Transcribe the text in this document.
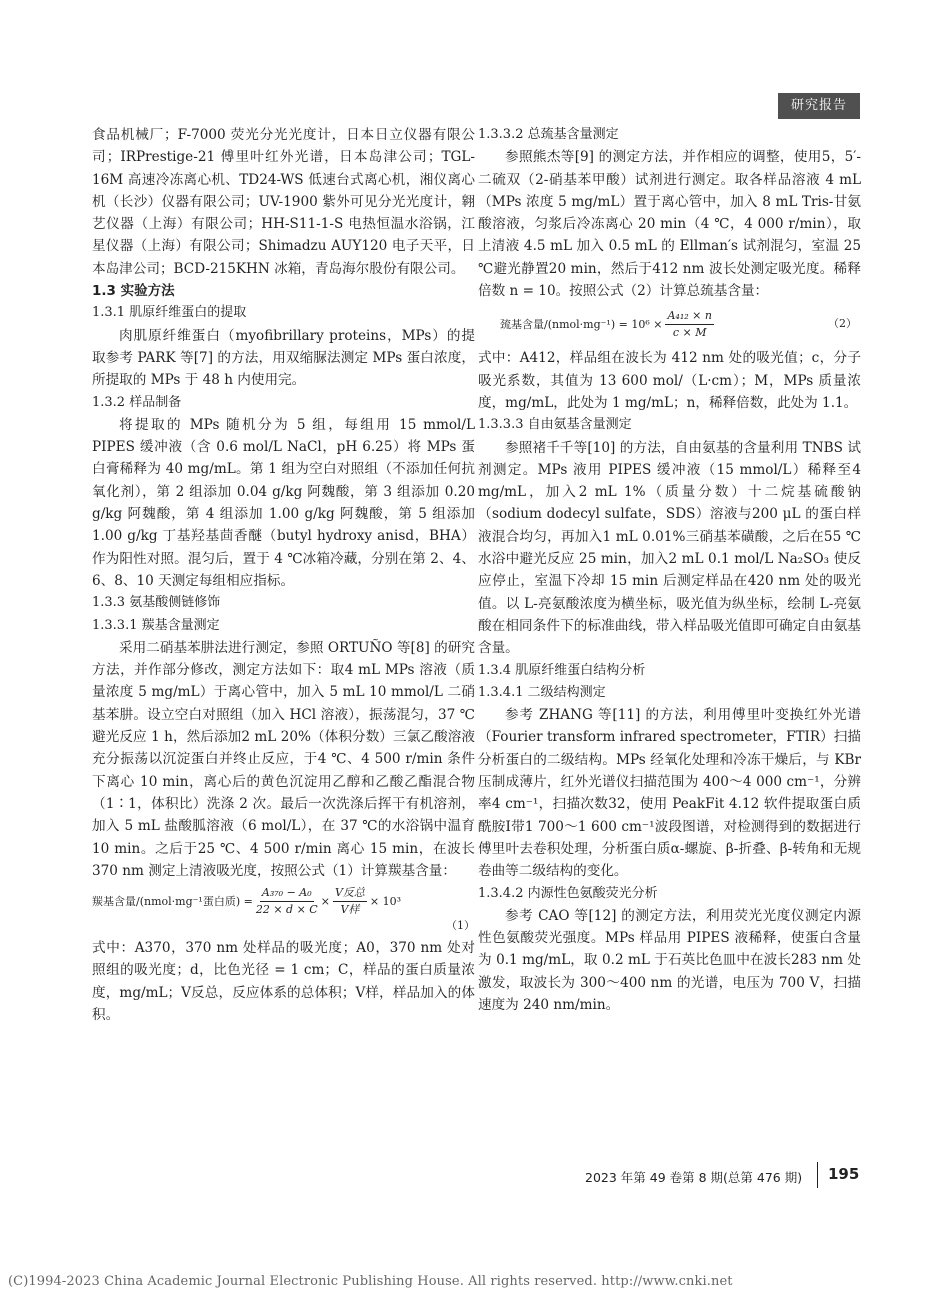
研究报告

食品机械厂；F-7000 荧光分光光度计，日本日立仪器有限公司；IRPrestige-21 傅里叶红外光谱，日本岛津公司；TGL-16M 高速冷冻离心机、TD24-WS 低速台式离心机，湘仪离心机（长沙）仪器有限公司；UV-1900 紫外可见分光光度计，翱艺仪器（上海）有限公司；HH-S11-1-S 电热恒温水浴锅，江星仪器（上海）有限公司；Shimadzu AUY120 电子天平，日本岛津公司；BCD-215KHN 冰箱，青岛海尔股份有限公司。

1.3 实验方法

1.3.1 肌原纤维蛋白的提取

肉肌原纤维蛋白（myofibrillary proteins，MPs）的提取参考 PARK 等[7] 的方法，用双缩脲法测定 MPs 蛋白浓度，所提取的 MPs 于 48 h 内使用完。

1.3.2 样品制备

将提取的 MPs 随机分为 5 组，每组用 15 mmol/L PIPES 缓冲液（含 0.6 mol/L NaCl，pH 6.25）将 MPs 蛋白膏稀释为 40 mg/mL。第 1 组为空白对照组（不添加任何抗氧化剂），第 2 组添加 0.04 g/kg 阿魏酸，第 3 组添加 0.20 g/kg 阿魏酸，第 4 组添加 1.00 g/kg 阿魏酸，第 5 组添加 1.00 g/kg 丁基羟基茴香醚（butyl hydroxy anisd，BHA）作为阳性对照。混匀后，置于 4 ℃冰箱冷藏，分别在第 2、4、6、8、10 天测定每组相应指标。

1.3.3 氨基酸侧链修饰

1.3.3.1 羰基含量测定

采用二硝基苯肼法进行测定，参照 ORTUÑO 等[8] 的研究方法，并作部分修改，测定方法如下：取4 mL MPs 溶液（质量浓度 5 mg/mL）于离心管中，加入 5 mL 10 mmol/L 二硝基苯肼。设立空白对照组（加入 HCl 溶液），振荡混匀，37 ℃避光反应 1 h，然后添加2 mL 20%（体积分数）三氯乙酸溶液充分振荡以沉淀蛋白并终止反应，于4 ℃、4 500 r/min 条件下离心 10 min，离心后的黄色沉淀用乙醇和乙酸乙酯混合物（1∶1，体积比）洗涤 2 次。最后一次洗涤后挥干有机溶剂，加入 5 mL 盐酸胍溶液（6 mol/L），在 37 ℃的水浴锅中温育 10 min。之后于25 ℃、4 500 r/min 离心 15 min，在波长 370 nm 测定上清液吸光度，按照公式（1）计算羰基含量：

羰基含量/(nmol·mg⁻¹蛋白质) = $\frac{\text{A₃₇₀ − A₀}}{22 \times d \times C} \times \frac{\text{V反总}}{\text{V样}} \times 10^3$
（1）

式中：A370，370 nm 处样品的吸光度；A0，370 nm 处对照组的吸光度；d，比色光径 = 1 cm；C，样品的蛋白质量浓度，mg/mL；V反总，反应体系的总体积；V样，样品加入的体积。

1.3.3.2 总巯基含量测定

参照熊杰等[9] 的测定方法，并作相应的调整，使用5，5′-二硫双（2-硝基苯甲酸）试剂进行测定。取各样品溶液 4 mL（MPs 浓度 5 mg/mL）置于离心管中，加入 8 mL Tris-甘氨酸溶液，匀浆后冷冻离心 20 min（4 ℃，4 000 r/min），取上清液 4.5 mL 加入 0.5 mL 的 Ellman′s 试剂混匀，室温 25 ℃避光静置20 min，然后于412 nm 波长处测定吸光度。稀释倍数 n = 10。按照公式（2）计算总巯基含量：

巯基含量/(nmol·mg⁻¹) = $10^6 \times \frac{\text{A₄₁₂ × n}}{c \times M}$	（2）

式中：A412，样品组在波长为 412 nm 处的吸光值；c，分子吸光系数，其值为 13 600 mol/（L·cm）；M，MPs 质量浓度，mg/mL，此处为 1 mg/mL；n，稀释倍数，此处为 1.1。

1.3.3.3 自由氨基含量测定

参照褚千千等[10] 的方法，自由氨基的含量利用 TNBS 试剂测定。MPs 液用 PIPES 缓冲液（15 mmol/L）稀释至4 mg/mL，加入2 mL 1%（质量分数）十二烷基硫酸钠（sodium dodecyl sulfate，SDS）溶液与200 μL 的蛋白样液混合均匀，再加入1 mL 0.01%三硝基苯磺酸，之后在55 ℃水浴中避光反应 25 min，加入2 mL 0.1 mol/L Na₂SO₃ 使反应停止，室温下冷却 15 min 后测定样品在420 nm 处的吸光值。以 L-亮氨酸浓度为横坐标，吸光值为纵坐标，绘制 L-亮氨酸在相同条件下的标准曲线，带入样品吸光值即可确定自由氨基含量。

1.3.4 肌原纤维蛋白结构分析

1.3.4.1 二级结构测定

参考 ZHANG 等[11] 的方法，利用傅里叶变换红外光谱（Fourier transform infrared spectrometer，FTIR）扫描分析蛋白的二级结构。MPs 经氧化处理和冷冻干燥后，与 KBr 压制成薄片，红外光谱仪扫描范围为 400～4 000 cm⁻¹，分辨率4 cm⁻¹，扫描次数32，使用 PeakFit 4.12 软件提取蛋白质酰胺Ⅰ带1 700～1 600 cm⁻¹波段图谱，对检测得到的数据进行傅里叶去卷积处理，分析蛋白质α-螺旋、β-折叠、β-转角和无规卷曲等二级结构的变化。

1.3.4.2 内源性色氨酸荧光分析

参考 CAO 等[12] 的测定方法，利用荧光光度仪测定内源性色氨酸荧光强度。MPs 样品用 PIPES 液稀释，使蛋白含量为 0.1 mg/mL，取 0.2 mL 于石英比色皿中在波长283 nm 处激发，取波长为 300～400 nm 的光谱，电压为 700 V，扫描速度为 240 nm/min。

2023 年第 49 卷第 8 期(总第 476 期) 195
(C)1994-2023 China Academic Journal Electronic Publishing House. All rights reserved. http://www.cnki.net
